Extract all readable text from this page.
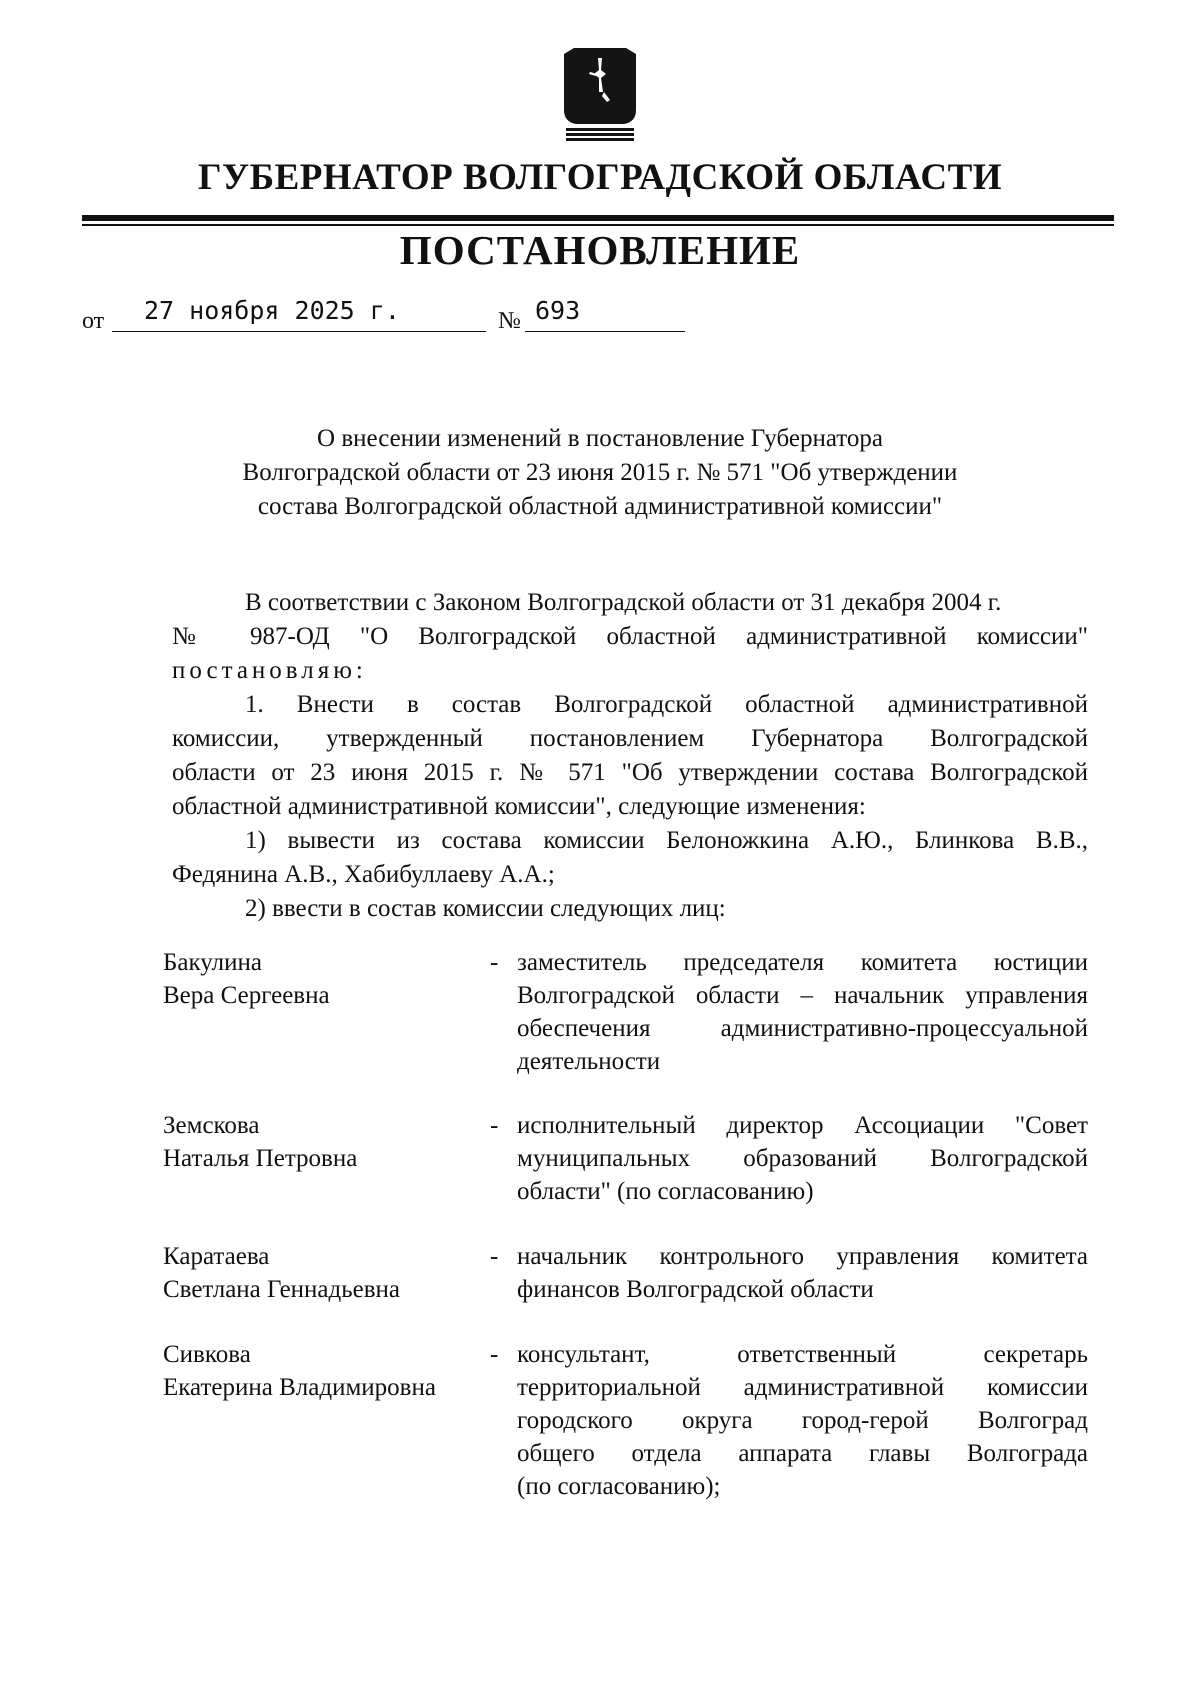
ГУБЕРНАТОР ВОЛГОГРАДСКОЙ ОБЛАСТИ
ПОСТАНОВЛЕНИЕ
от 27 ноября 2025 г.	№ 693
О внесении изменений в постановление Губернатора
Волгоградской области от 23 июня 2015 г. № 571 "Об утверждении
состава Волгоградской областной административной комиссии"
В соответствии с Законом Волгоградской области от 31 декабря 2004 г.
№ 987-ОД "О Волгоградской областной административной комиссии"
постановляю:
1. Внести в состав Волгоградской областной административной
комиссии, утвержденный постановлением Губернатора Волгоградской
области от 23 июня 2015 г. № 571 "Об утверждении состава Волгоградской
областной административной комиссии", следующие изменения:
1) вывести из состава комиссии Белоножкина А.Ю., Блинкова В.В.,
Федянина А.В., Хабибуллаеву А.А.;
2) ввести в состав комиссии следующих лиц:
Бакулина
Вера Сергеевна
- заместитель председателя комитета юстиции
Волгоградской области – начальник управления
обеспечения административно-процессуальной
деятельности
Земскова
Наталья Петровна
- исполнительный директор Ассоциации "Совет
муниципальных образований Волгоградской
области" (по согласованию)
Каратаева
Светлана Геннадьевна
- начальник контрольного управления комитета
финансов Волгоградской области
Сивкова
Екатерина Владимировна
- консультант, ответственный секретарь
территориальной административной комиссии
городского округа город-герой Волгоград
общего отдела аппарата главы Волгограда
(по согласованию);
